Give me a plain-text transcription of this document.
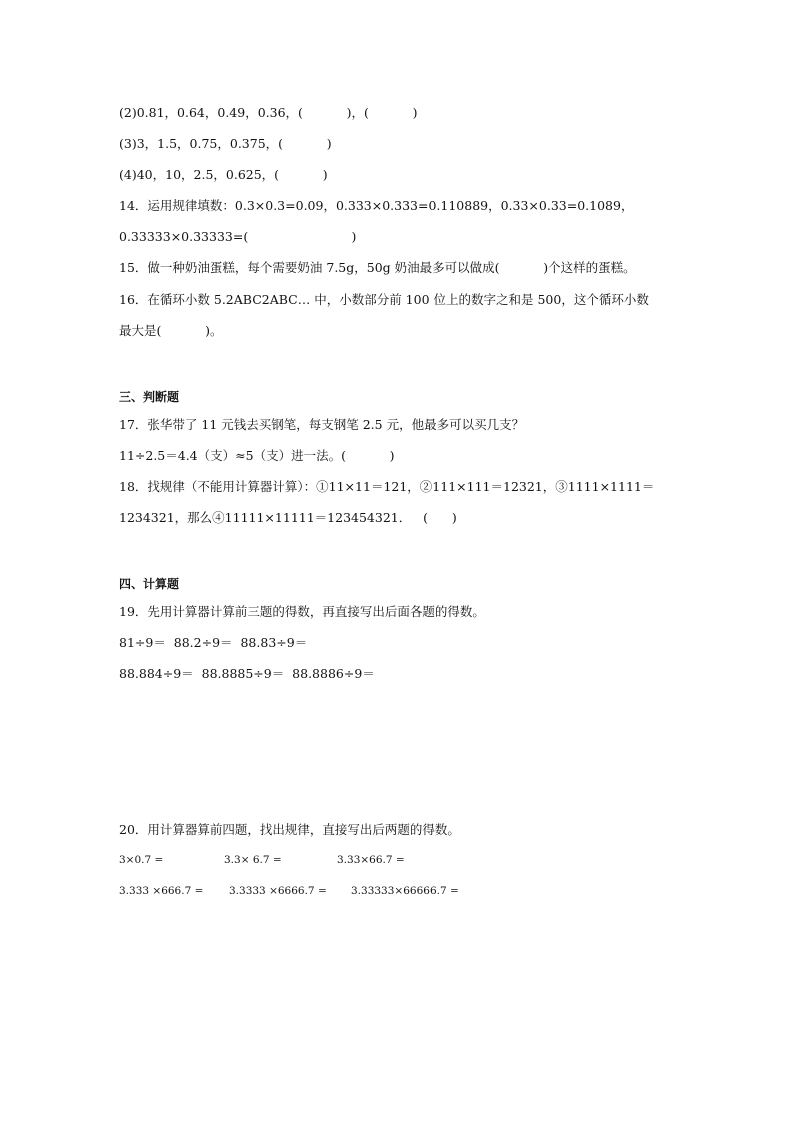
(2)0.81，0.64，0.49，0.36，(           )，(           )
(3)3，1.5，0.75，0.375，(           )
(4)40，10，2.5，0.625，(           )
14．运用规律填数：0.3×0.3=0.09，0.333×0.333=0.110889，0.33×0.33=0.1089，
0.33333×0.33333=(                          )
15．做一种奶油蛋糕，每个需要奶油 7.5g，50g 奶油最多可以做成(           )个这样的蛋糕。
16．在循环小数 5.2ABC2ABC… 中，小数部分前 100 位上的数字之和是 500，这个循环小数
最大是(           )。
三、判断题
17．张华带了 11 元钱去买钢笔，每支钢笔 2.5 元，他最多可以买几支？
11÷2.5＝4.4（支）≈5（支）进一法。(           )
18．找规律（不能用计算器计算）：①11×11＝121，②111×111＝12321，③1111×1111＝
1234321，那么④11111×11111＝123454321．   (      )
四、计算题
19．先用计算器计算前三题的得数，再直接写出后面各题的得数。
81÷9＝  88.2÷9＝  88.83÷9＝
88.884÷9＝  88.8885÷9＝  88.8886÷9＝
20．用计算器算前四题，找出规律，直接写出后两题的得数。
3×0.7 =	3.3× 6.7 =	3.33×66.7 =
3.333 ×666.7 = 3.3333 ×6666.7 = 3.33333×66666.7 =
